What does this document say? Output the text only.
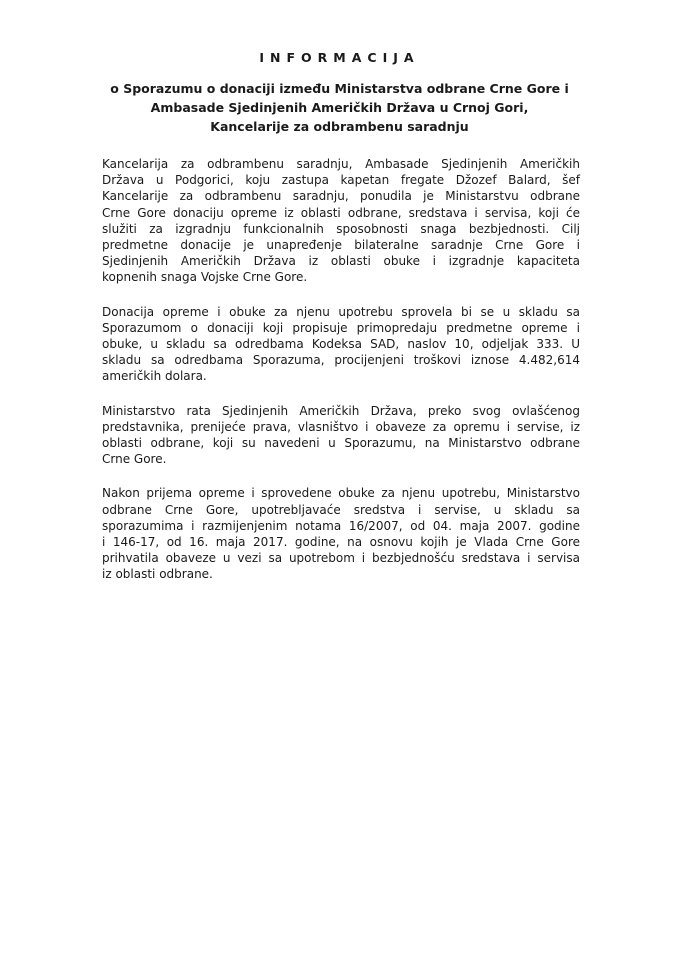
INFORMACIJA
o Sporazumu o donaciji između Ministarstva odbrane Crne Gore i
Ambasade Sjedinjenih Američkih Država u Crnoj Gori,
Kancelarije za odbrambenu saradnju

Kancelarija za odbrambenu saradnju, Ambasade Sjedinjenih Američkih
Država u Podgorici, koju zastupa kapetan fregate Džozef Balard, šef
Kancelarije za odbrambenu saradnju, ponudila je Ministarstvu odbrane
Crne Gore donaciju opreme iz oblasti odbrane, sredstava i servisa, koji će
služiti za izgradnju funkcionalnih sposobnosti snaga bezbjednosti. Cilj
predmetne donacije je unapređenje bilateralne saradnje Crne Gore i
Sjedinjenih Američkih Država iz oblasti obuke i izgradnje kapaciteta
kopnenih snaga Vojske Crne Gore.

Donacija opreme i obuke za njenu upotrebu sprovela bi se u skladu sa
Sporazumom o donaciji koji propisuje primopredaju predmetne opreme i
obuke, u skladu sa odredbama Kodeksa SAD, naslov 10, odjeljak 333. U
skladu sa odredbama Sporazuma, procijenjeni troškovi iznose 4.482,614
američkih dolara.

Ministarstvo rata Sjedinjenih Američkih Država, preko svog ovlašćenog
predstavnika, prenijeće prava, vlasništvo i obaveze za opremu i servise, iz
oblasti odbrane, koji su navedeni u Sporazumu, na Ministarstvo odbrane
Crne Gore.

Nakon prijema opreme i sprovedene obuke za njenu upotrebu, Ministarstvo
odbrane Crne Gore, upotrebljavaće sredstva i servise, u skladu sa
sporazumima i razmijenjenim notama 16/2007, od 04. maja 2007. godine
i 146-17, od 16. maja 2017. godine, na osnovu kojih je Vlada Crne Gore
prihvatila obaveze u vezi sa upotrebom i bezbjednošću sredstava i servisa
iz oblasti odbrane.
